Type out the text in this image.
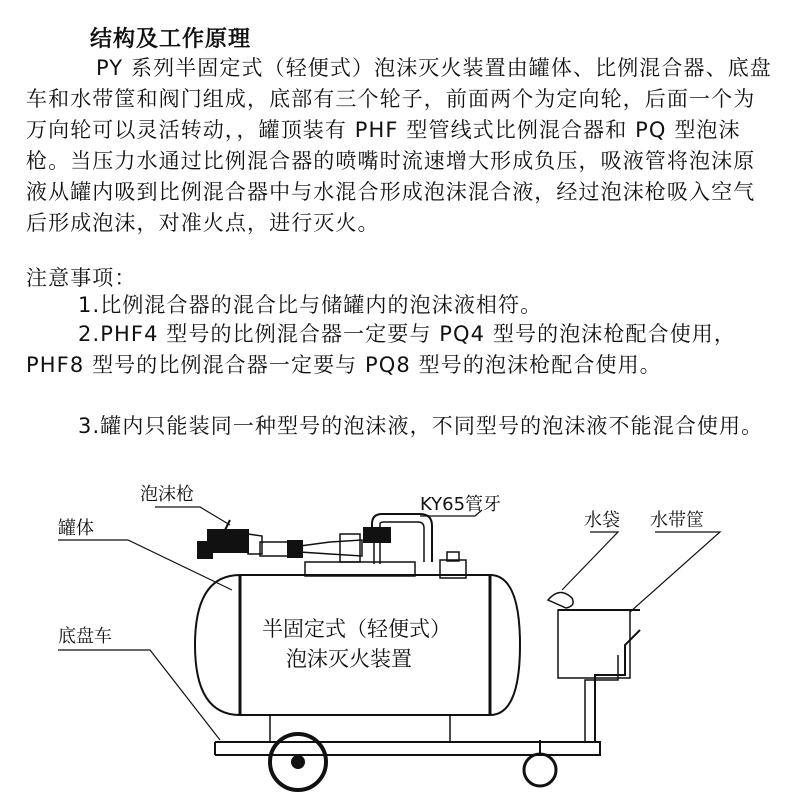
结构及工作原理

PY 系列半固定式（轻便式）泡沫灭火装置由罐体、比例混合器、底盘车和水带筐和阀门组成，底部有三个轮子，前面两个为定向轮，后面一个为万向轮可以灵活转动，，罐顶装有 PHF 型管线式比例混合器和 PQ 型泡沫枪。当压力水通过比例混合器的喷嘴时流速增大形成负压，吸液管将泡沫原液从罐内吸到比例混合器中与水混合形成泡沫混合液，经过泡沫枪吸入空气后形成泡沫，对准火点，进行灭火。

注意事项：

1.比例混合器的混合比与储罐内的泡沫液相符。

2.PHF4 型号的比例混合器一定要与 PQ4 型号的泡沫枪配合使用，PHF8 型号的比例混合器一定要与 PQ8 型号的泡沫枪配合使用。

3.罐内只能装同一种型号的泡沫液，不同型号的泡沫液不能混合使用。

泡沫枪
罐体
KY65管牙
水袋 水带筐
底盘车	半固定式（轻便式）
泡沫灭火装置
